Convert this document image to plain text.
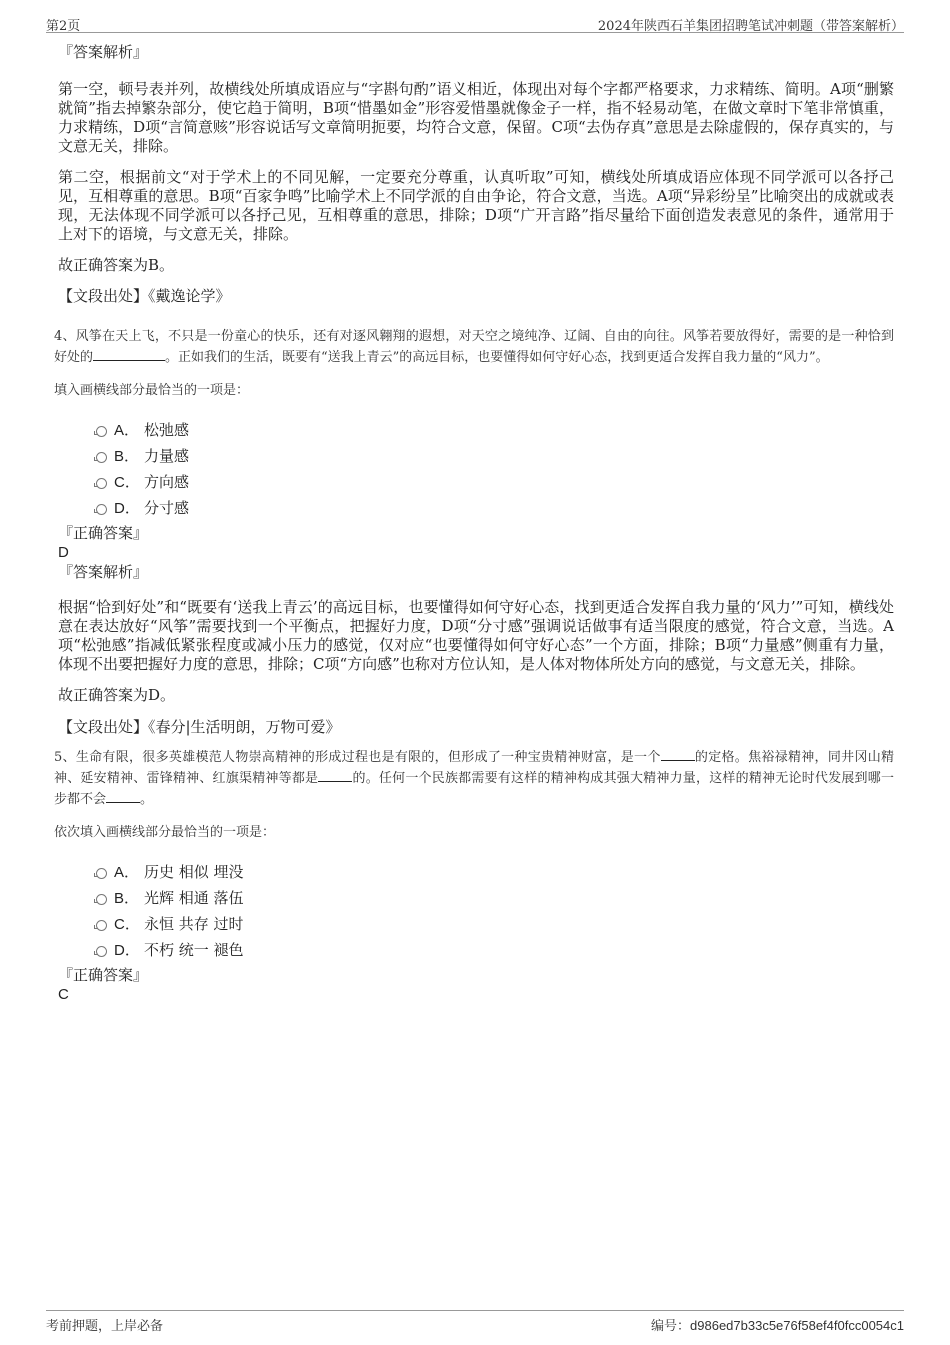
第2页	2024年陕西石羊集团招聘笔试冲刺题（带答案解析）

『答案解析』

第一空，顿号表并列，故横线处所填成语应与“字斟句酌”语义相近，体现出对每个字都严格要求，力求精练、简明。A项“删繁就简”指去掉繁杂部分，使它趋于简明，B项“惜墨如金”形容爱惜墨就像金子一样，指不轻易动笔，在做文章时下笔非常慎重，力求精练，D项“言简意赅”形容说话写文章简明扼要，均符合文意，保留。C项“去伪存真”意思是去除虚假的，保存真实的，与文意无关，排除。

第二空，根据前文“对于学术上的不同见解，一定要充分尊重，认真听取”可知，横线处所填成语应体现不同学派可以各抒己见，互相尊重的意思。B项“百家争鸣”比喻学术上不同学派的自由争论，符合文意，当选。A项“异彩纷呈”比喻突出的成就或表现，无法体现不同学派可以各抒己见，互相尊重的意思，排除；D项“广开言路”指尽量给下面创造发表意见的条件，通常用于上对下的语境，与文意无关，排除。

故正确答案为B。

【文段出处】《戴逸论学》

4、风筝在天上飞，不只是一份童心的快乐，还有对逐风翱翔的遐想，对天空之境纯净、辽阔、自由的向往。风筝若要放得好，需要的是一种恰到好处的	。正如我们的生活，既要有“送我上青云”的高远目标，也要懂得如何守好心态，找到更适合发挥自我力量的“风力”。

填入画横线部分最恰当的一项是：

A． 松弛感
B． 力量感
C． 方向感
D． 分寸感

『正确答案』

D

『答案解析』

根据“恰到好处”和“既要有‘送我上青云’的高远目标，也要懂得如何守好心态，找到更适合发挥自我力量的‘风力’”可知，横线处意在表达放好“风筝”需要找到一个平衡点，把握好力度，D项“分寸感”强调说话做事有适当限度的感觉，符合文意，当选。A项“松弛感”指减低紧张程度或减小压力的感觉，仅对应“也要懂得如何守好心态”一个方面，排除；B项“力量感”侧重有力量，体现不出要把握好力度的意思，排除；C项“方向感”也称对方位认知，是人体对物体所处方向的感觉，与文意无关，排除。

故正确答案为D。

【文段出处】《春分|生活明朗，万物可爱》

5、生命有限，很多英雄模范人物崇高精神的形成过程也是有限的，但形成了一种宝贵精神财富，是一个	的定格。焦裕禄精神，同井冈山精神、延安精神、雷锋精神、红旗渠精神等都是	的。任何一个民族都需要有这样的精神构成其强大精神力量，这样的精神无论时代发展到哪一步都不会	。

依次填入画横线部分最恰当的一项是：

A． 历史 相似 埋没
B． 光辉 相通 落伍
C． 永恒 共存 过时
D． 不朽 统一 褪色

『正确答案』

C

考前押题，上岸必备	编号：d986ed7b33c5e76f58ef4f0fcc0054c1
